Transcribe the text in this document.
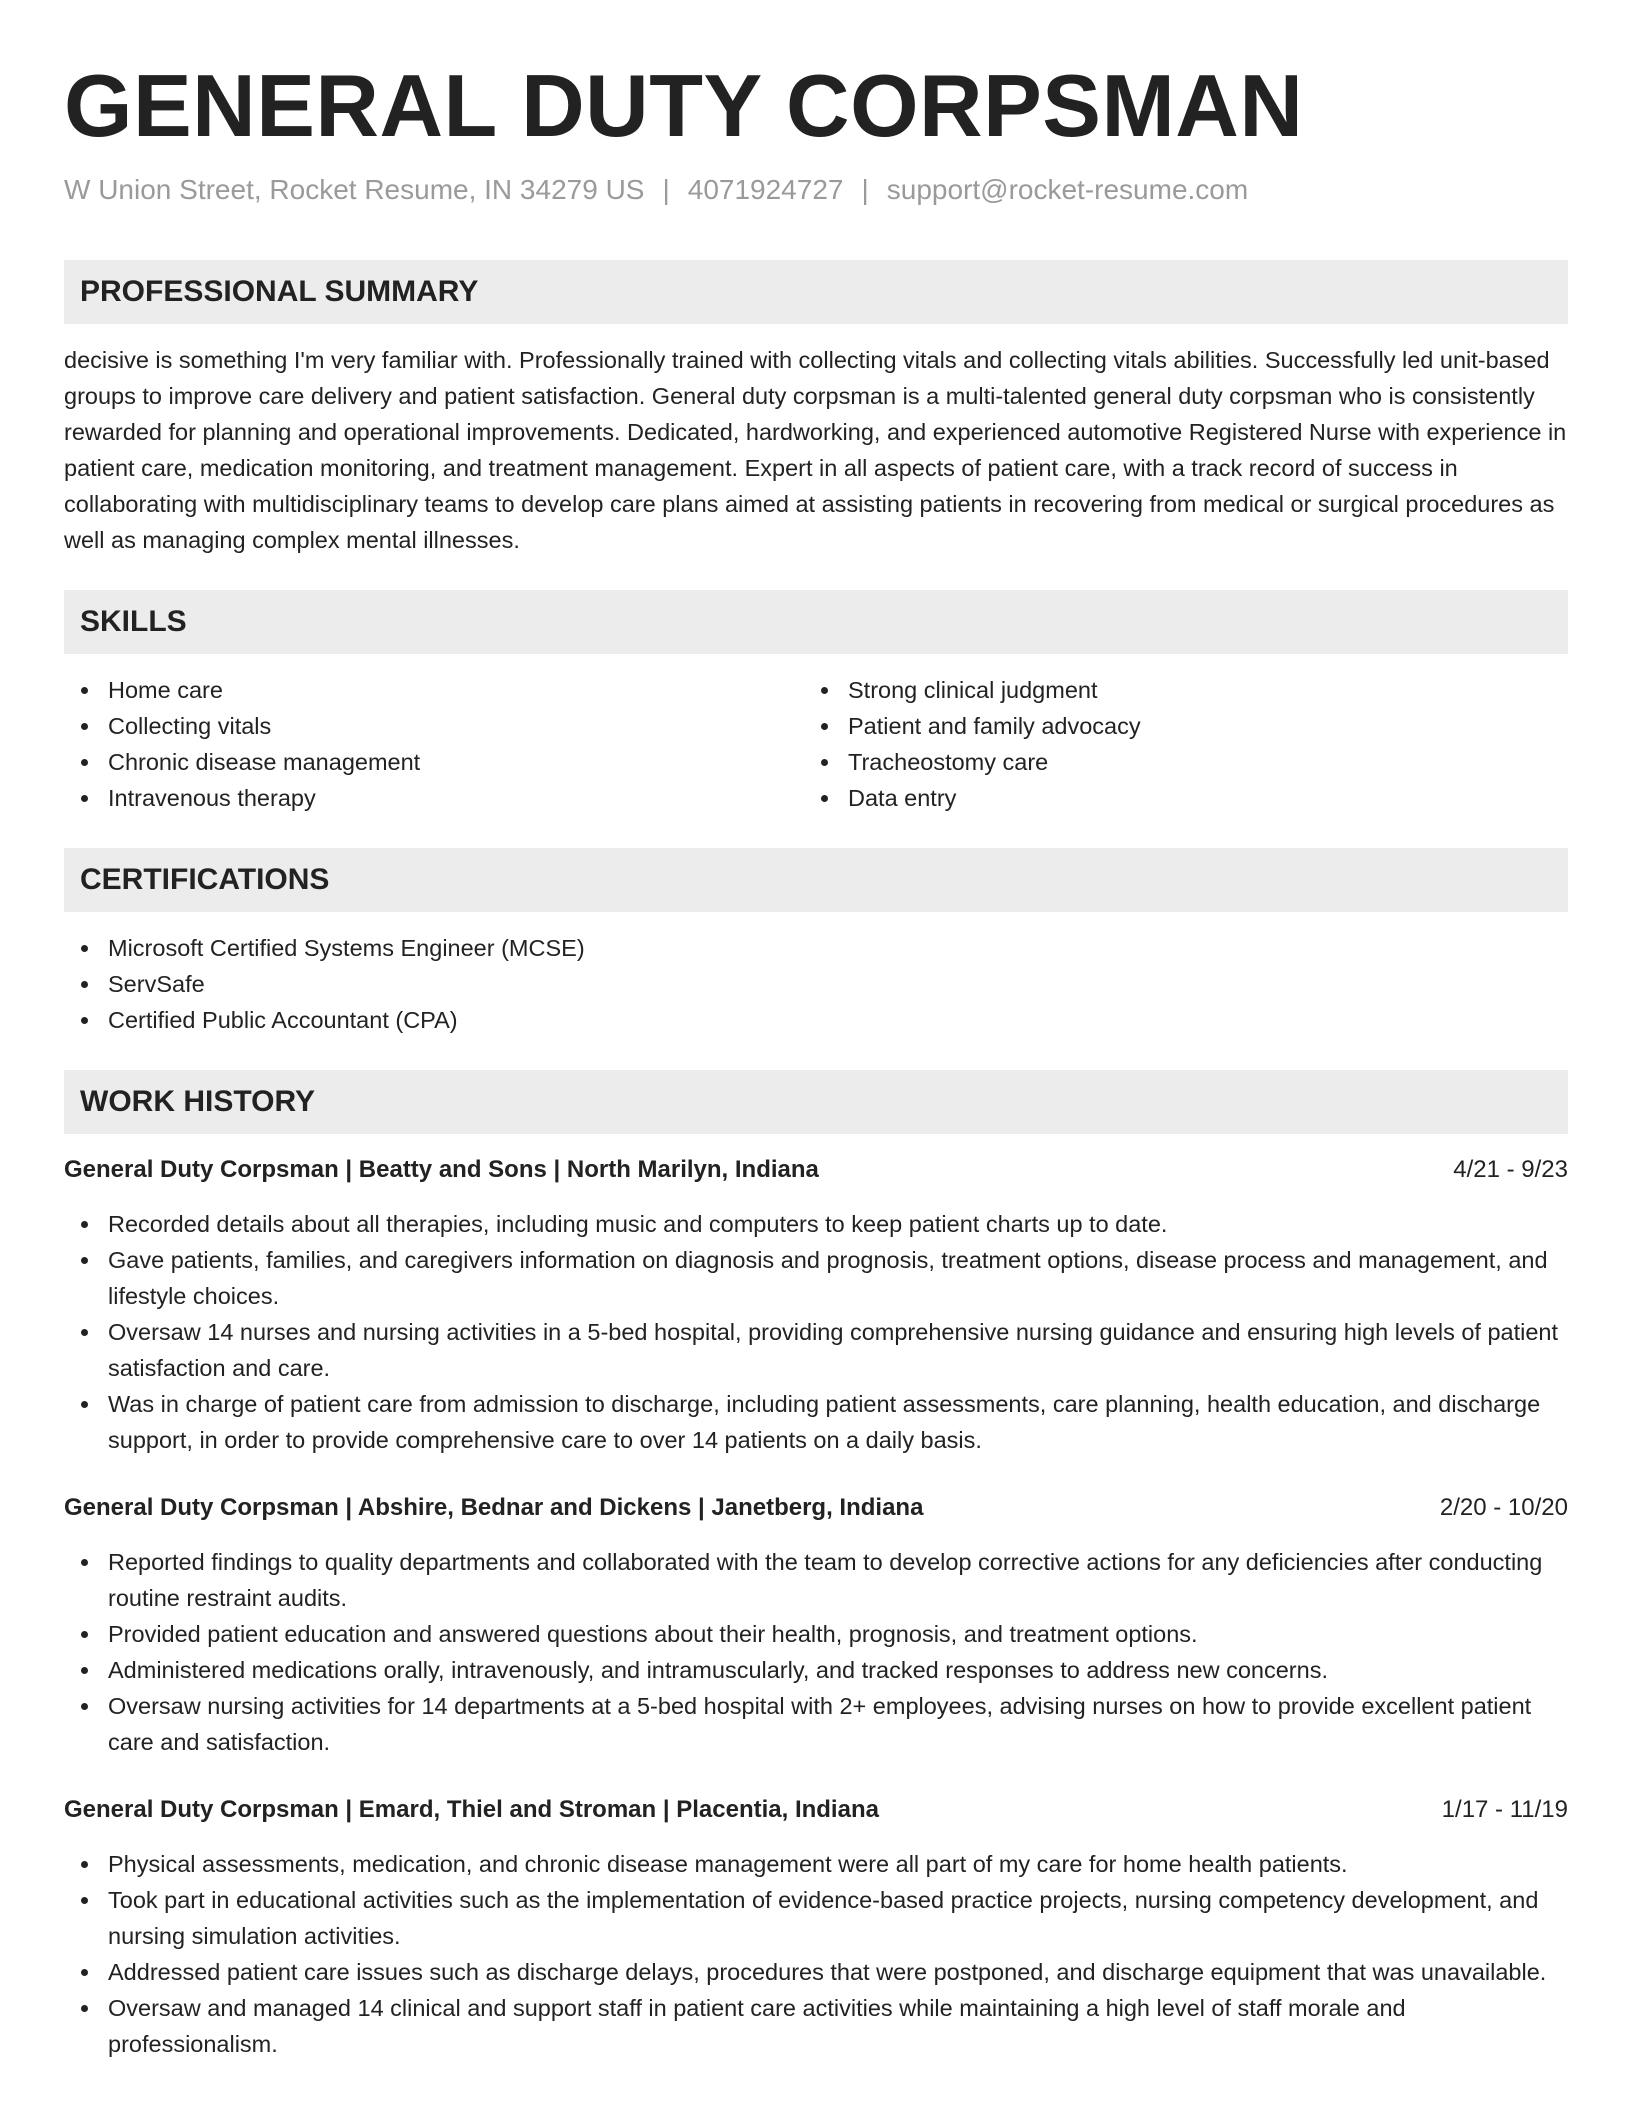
GENERAL DUTY CORPSMAN
W Union Street, Rocket Resume, IN 34279 US | 4071924727 | support@rocket-resume.com
PROFESSIONAL SUMMARY
decisive is something I'm very familiar with. Professionally trained with collecting vitals and collecting vitals abilities. Successfully led unit-based groups to improve care delivery and patient satisfaction. General duty corpsman is a multi-talented general duty corpsman who is consistently rewarded for planning and operational improvements. Dedicated, hardworking, and experienced automotive Registered Nurse with experience in patient care, medication monitoring, and treatment management. Expert in all aspects of patient care, with a track record of success in collaborating with multidisciplinary teams to develop care plans aimed at assisting patients in recovering from medical or surgical procedures as well as managing complex mental illnesses.
SKILLS
Home care
Collecting vitals
Chronic disease management
Intravenous therapy
Strong clinical judgment
Patient and family advocacy
Tracheostomy care
Data entry
CERTIFICATIONS
Microsoft Certified Systems Engineer (MCSE)
ServSafe
Certified Public Accountant (CPA)
WORK HISTORY
General Duty Corpsman | Beatty and Sons | North Marilyn, Indiana	4/21 - 9/23
Recorded details about all therapies, including music and computers to keep patient charts up to date.
Gave patients, families, and caregivers information on diagnosis and prognosis, treatment options, disease process and management, and lifestyle choices.
Oversaw 14 nurses and nursing activities in a 5-bed hospital, providing comprehensive nursing guidance and ensuring high levels of patient satisfaction and care.
Was in charge of patient care from admission to discharge, including patient assessments, care planning, health education, and discharge support, in order to provide comprehensive care to over 14 patients on a daily basis.
General Duty Corpsman | Abshire, Bednar and Dickens | Janetberg, Indiana	2/20 - 10/20
Reported findings to quality departments and collaborated with the team to develop corrective actions for any deficiencies after conducting routine restraint audits.
Provided patient education and answered questions about their health, prognosis, and treatment options.
Administered medications orally, intravenously, and intramuscularly, and tracked responses to address new concerns.
Oversaw nursing activities for 14 departments at a 5-bed hospital with 2+ employees, advising nurses on how to provide excellent patient care and satisfaction.
General Duty Corpsman | Emard, Thiel and Stroman | Placentia, Indiana	1/17 - 11/19
Physical assessments, medication, and chronic disease management were all part of my care for home health patients.
Took part in educational activities such as the implementation of evidence-based practice projects, nursing competency development, and nursing simulation activities.
Addressed patient care issues such as discharge delays, procedures that were postponed, and discharge equipment that was unavailable.
Oversaw and managed 14 clinical and support staff in patient care activities while maintaining a high level of staff morale and professionalism.
